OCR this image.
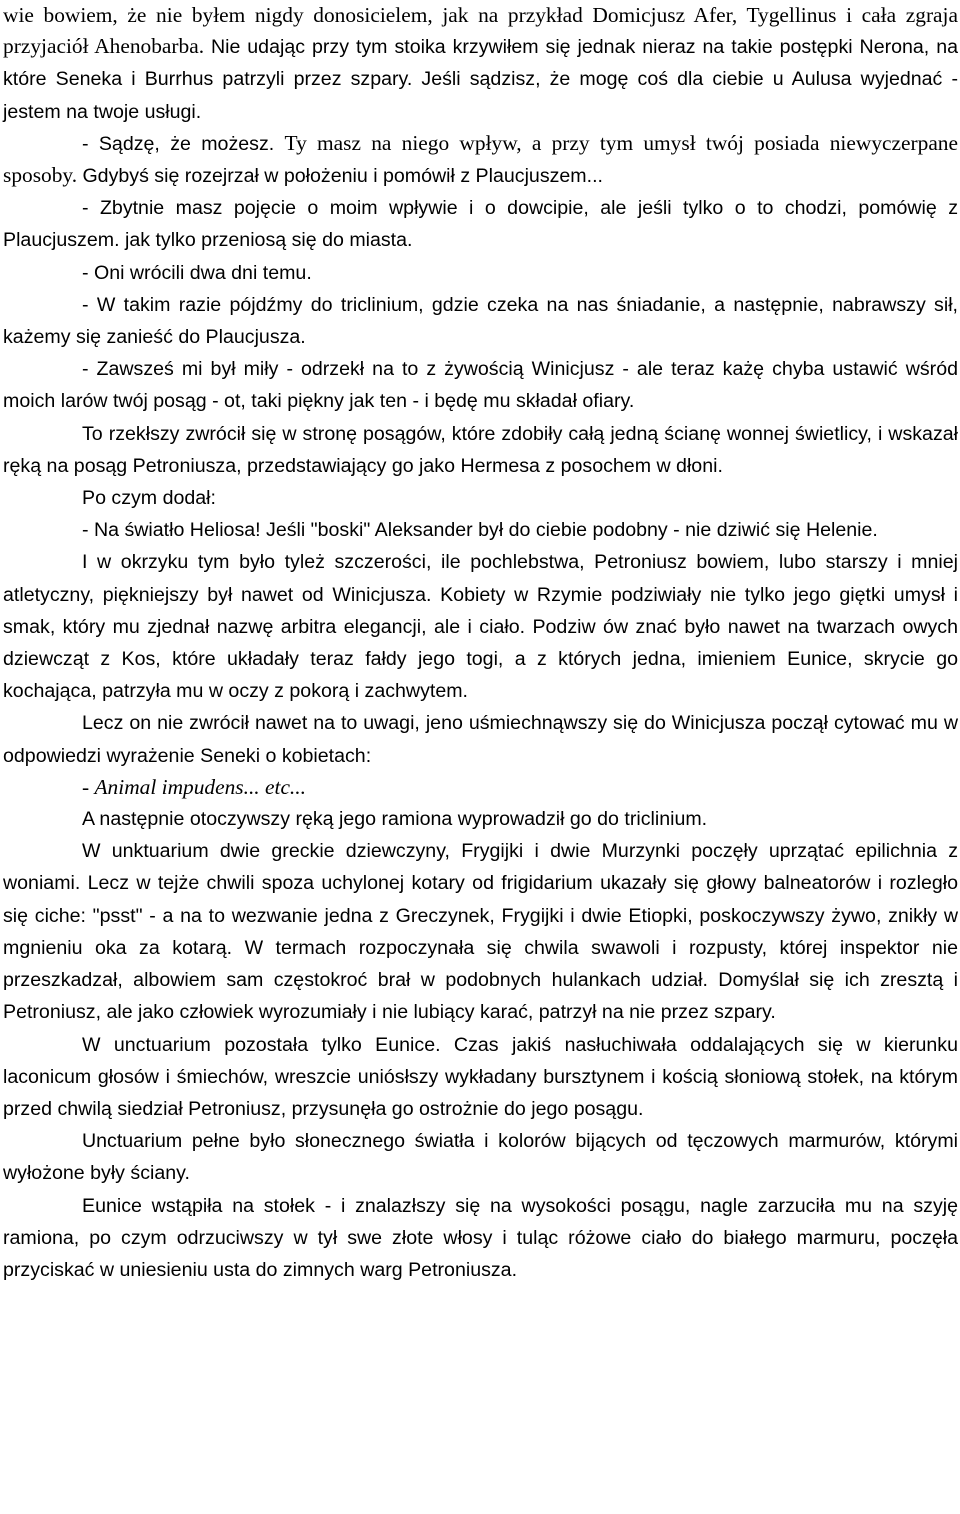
wie bowiem, że nie byłem nigdy donosicielem, jak na przykład Domicjusz Afer, Tygellinus i cała zgraja przyjaciół Ahenobarba. Nie udając przy tym stoika krzywiłem się jednak nieraz na takie postępki Nerona, na które Seneka i Burrhus patrzyli przez szpary. Jeśli sądzisz, że mogę coś dla ciebie u Aulusa wyjednać - jestem na twoje usługi.

- Sądzę, że możesz. Ty masz na niego wpływ, a przy tym umysł twój posiada niewyczerpane sposoby. Gdybyś się rozejrzał w położeniu i pomówił z Plaucjuszem...

- Zbytnie masz pojęcie o moim wpływie i o dowcipie, ale jeśli tylko o to chodzi, pomówię z Plaucjuszem. jak tylko przeniosą się do miasta.

- Oni wrócili dwa dni temu.

- W takim razie pójdźmy do triclinium, gdzie czeka na nas śniadanie, a następnie, nabrawszy sił, każemy się zanieść do Plaucjusza.

- Zawsześ mi był miły - odrzekł na to z żywością Winicjusz - ale teraz każę chyba ustawić wśród moich larów twój posąg - ot, taki piękny jak ten - i będę mu składał ofiary.

To rzekłszy zwrócił się w stronę posągów, które zdobiły całą jedną ścianę wonnej świetlicy, i wskazał ręką na posąg Petroniusza, przedstawiający go jako Hermesa z posochem w dłoni.

Po czym dodał:

- Na światło Heliosa! Jeśli "boski" Aleksander był do ciebie podobny - nie dziwić się Helenie.

I w okrzyku tym było tyleż szczerości, ile pochlebstwa, Petroniusz bowiem, lubo starszy i mniej atletyczny, piękniejszy był nawet od Winicjusza. Kobiety w Rzymie podziwiały nie tylko jego giętki umysł i smak, który mu zjednał nazwę arbitra elegancji, ale i ciało. Podziw ów znać było nawet na twarzach owych dziewcząt z Kos, które układały teraz fałdy jego togi, a z których jedna, imieniem Eunice, skrycie go kochająca, patrzyła mu w oczy z pokorą i zachwytem.

Lecz on nie zwrócił nawet na to uwagi, jeno uśmiechnąwszy się do Winicjusza począł cytować mu w odpowiedzi wyrażenie Seneki o kobietach:

- Animal impudens... etc...

A następnie otoczywszy ręką jego ramiona wyprowadził go do triclinium.

W unktuarium dwie greckie dziewczyny, Frygijki i dwie Murzynki poczęły uprzątać epilichnia z woniami. Lecz w tejże chwili spoza uchylonej kotary od frigidarium ukazały się głowy balneatorów i rozległo się ciche: "psst" - a na to wezwanie jedna z Greczynek, Frygijki i dwie Etiopki, poskoczywszy żywo, znikły w mgnieniu oka za kotarą. W termach rozpoczynała się chwila swawoli i rozpusty, której inspektor nie przeszkadzał, albowiem sam częstokroć brał w podobnych hulankach udział. Domyślał się ich zresztą i Petroniusz, ale jako człowiek wyrozumiały i nie lubiący karać, patrzył na nie przez szpary.

W unctuarium pozostała tylko Eunice. Czas jakiś nasłuchiwała oddalających się w kierunku laconicum głosów i śmiechów, wreszcie uniósłszy wykładany bursztynem i kością słoniową stołek, na którym przed chwilą siedział Petroniusz, przysunęła go ostrożnie do jego posągu.

Unctuarium pełne było słonecznego światła i kolorów bijących od tęczowych marmurów, którymi wyłożone były ściany.

Eunice wstąpiła na stołek - i znalazłszy się na wysokości posągu, nagle zarzuciła mu na szyję ramiona, po czym odrzuciwszy w tył swe złote włosy i tuląc różowe ciało do białego marmuru, poczęła przyciskać w uniesieniu usta do zimnych warg Petroniusza.
